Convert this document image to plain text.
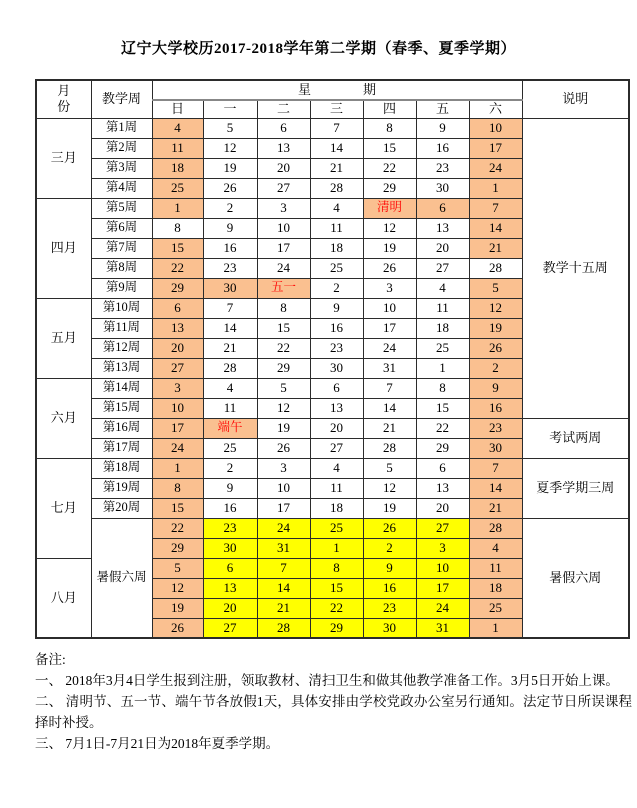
辽宁大学校历2017-2018学年第二学期（春季、夏季学期）
月
份	教学周	星 期							说明
		日	一	二	三	四	五	六	
三月	第1周	4	5	6	7	8	9	10	教学十五周
	第2周	11	12	13	14	15	16	17	
	第3周	18	19	20	21	22	23	24	
	第4周	25	26	27	28	29	30	1	
四月	第5周	1	2	3	4	清明	6	7	
	第6周	8	9	10	11	12	13	14	
	第7周	15	16	17	18	19	20	21	
	第8周	22	23	24	25	26	27	28	
	第9周	29	30	五一	2	3	4	5	
五月	第10周	6	7	8	9	10	11	12	
	第11周	13	14	15	16	17	18	19	
	第12周	20	21	22	23	24	25	26	
	第13周	27	28	29	30	31	1	2	
六月	第14周	3	4	5	6	7	8	9	
	第15周	10	11	12	13	14	15	16	
	第16周	17	端午	19	20	21	22	23	考试两周
	第17周	24	25	26	27	28	29	30	
七月	第18周	1	2	3	4	5	6	7	夏季学期三周
	第19周	8	9	10	11	12	13	14	
	第20周	15	16	17	18	19	20	21	
	暑假六周	22	23	24	25	26	27	28	暑假六周
		29	30	31	1	2	3	4	
八月		5	6	7	8	9	10	11	
		12	13	14	15	16	17	18	
		19	20	21	22	23	24	25	
		26	27	28	29	30	31	1	
备注:
一、 2018年3月4日学生报到注册，领取教材、清扫卫生和做其他教学准备工作。3月5日开始上课。
二、 清明节、五一节、端午节各放假1天，具体安排由学校党政办公室另行通知。法定节日所误课程择时补授。
三、 7月1日-7月21日为2018年夏季学期。
